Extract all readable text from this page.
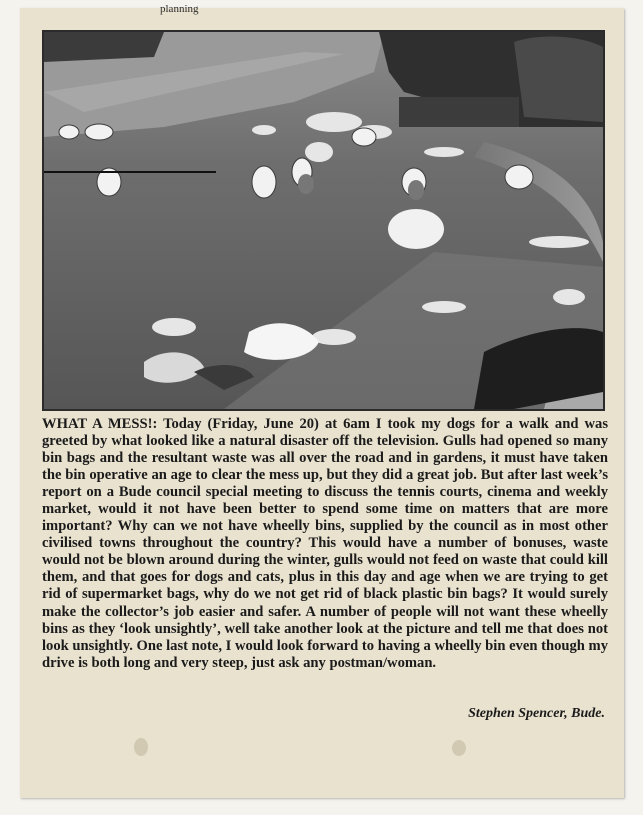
planning
WHAT A MESS!: Today (Friday, June 20) at 6am I took my dogs for a walk and was greeted by what looked like a natural disaster off the television. Gulls had opened so many bin bags and the resultant waste was all over the road and in gardens, it must have taken the bin operative an age to clear the mess up, but they did a great job. But after last week’s report on a Bude council special meeting to discuss the tennis courts, cinema and weekly market, would it not have been better to spend some time on matters that are more important? Why can we not have wheelly bins, supplied by the council as in most other civilised towns throughout the country? This would have a number of bonuses, waste would not be blown around during the winter, gulls would not feed on waste that could kill them, and that goes for dogs and cats, plus in this day and age when we are trying to get rid of supermarket bags, why do we not get rid of black plastic bin bags? It would surely make the collector’s job easier and safer. A number of people will not want these wheelly bins as they ‘look unsightly’, well take another look at the picture and tell me that does not look unsightly. One last note, I would look forward to having a wheelly bin even though my drive is both long and very steep, just ask any postman/woman.
Stephen Spencer, Bude.
